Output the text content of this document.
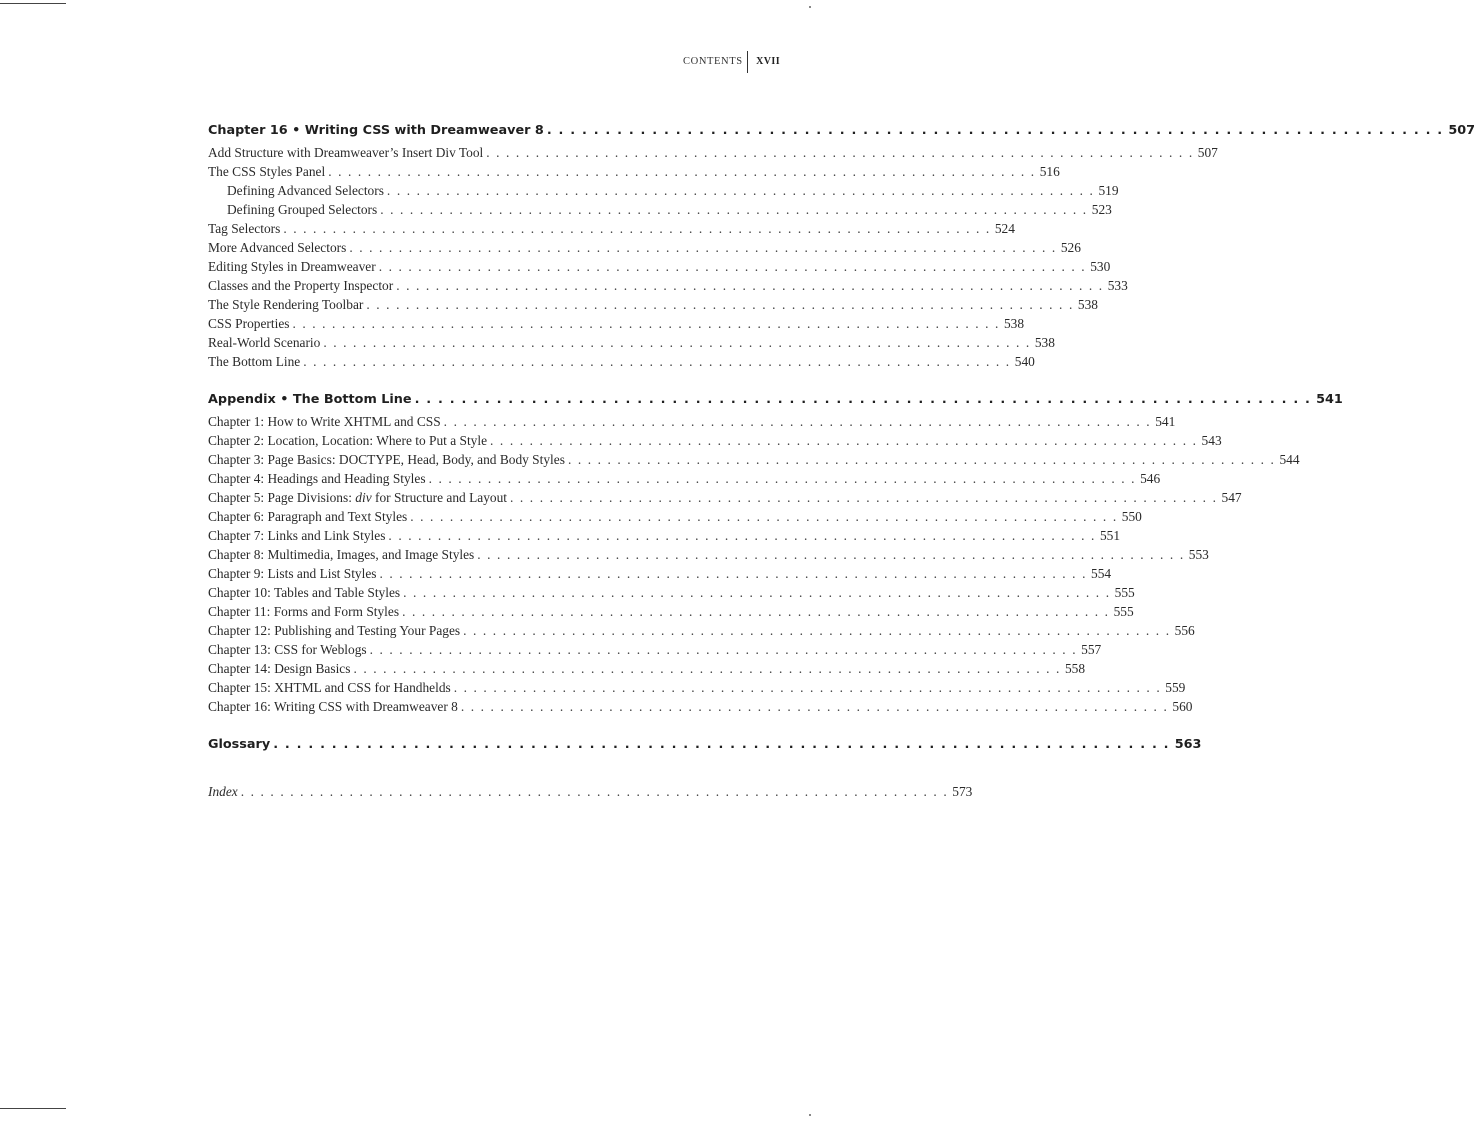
CONTENTS	XVII
Chapter 16 • Writing CSS with Dreamweaver 8 . . . . . . . . . . . . . . . . . . . . . . . . . . . . . . . . . . . . . . . . . . . . . . . . . . . . . . . . . . . . . . . . . . . . . . . . . . . . . 507
Add Structure with Dreamweaver’s Insert Div Tool . . . . . . . . . . . . . . . . . . . . . . . . . . . . . . . . . . . . . . . . . . . . . . . . . . . . . . . . . . . . . . . . . . . . . . . . 507
The CSS Styles Panel . . . . . . . . . . . . . . . . . . . . . . . . . . . . . . . . . . . . . . . . . . . . . . . . . . . . . . . . . . . . . . . . . . . . . . . . 516
Defining Advanced Selectors . . . . . . . . . . . . . . . . . . . . . . . . . . . . . . . . . . . . . . . . . . . . . . . . . . . . . . . . . . . . . . . . . . . . . . . . 519
Defining Grouped Selectors . . . . . . . . . . . . . . . . . . . . . . . . . . . . . . . . . . . . . . . . . . . . . . . . . . . . . . . . . . . . . . . . . . . . . . . . 523
Tag Selectors . . . . . . . . . . . . . . . . . . . . . . . . . . . . . . . . . . . . . . . . . . . . . . . . . . . . . . . . . . . . . . . . . . . . . . . . 524
More Advanced Selectors . . . . . . . . . . . . . . . . . . . . . . . . . . . . . . . . . . . . . . . . . . . . . . . . . . . . . . . . . . . . . . . . . . . . . . . . 526
Editing Styles in Dreamweaver . . . . . . . . . . . . . . . . . . . . . . . . . . . . . . . . . . . . . . . . . . . . . . . . . . . . . . . . . . . . . . . . . . . . . . . . 530
Classes and the Property Inspector . . . . . . . . . . . . . . . . . . . . . . . . . . . . . . . . . . . . . . . . . . . . . . . . . . . . . . . . . . . . . . . . . . . . . . . . 533
The Style Rendering Toolbar . . . . . . . . . . . . . . . . . . . . . . . . . . . . . . . . . . . . . . . . . . . . . . . . . . . . . . . . . . . . . . . . . . . . . . . . 538
CSS Properties . . . . . . . . . . . . . . . . . . . . . . . . . . . . . . . . . . . . . . . . . . . . . . . . . . . . . . . . . . . . . . . . . . . . . . . . 538
Real-World Scenario . . . . . . . . . . . . . . . . . . . . . . . . . . . . . . . . . . . . . . . . . . . . . . . . . . . . . . . . . . . . . . . . . . . . . . . . 538
The Bottom Line . . . . . . . . . . . . . . . . . . . . . . . . . . . . . . . . . . . . . . . . . . . . . . . . . . . . . . . . . . . . . . . . . . . . . . . . 540
Appendix • The Bottom Line . . . . . . . . . . . . . . . . . . . . . . . . . . . . . . . . . . . . . . . . . . . . . . . . . . . . . . . . . . . . . . . . . . . . . . . . . . . . . 541
Chapter 1: How to Write XHTML and CSS . . . . . . . . . . . . . . . . . . . . . . . . . . . . . . . . . . . . . . . . . . . . . . . . . . . . . . . . . . . . . . . . . . . . . . . . 541
Chapter 2: Location, Location: Where to Put a Style . . . . . . . . . . . . . . . . . . . . . . . . . . . . . . . . . . . . . . . . . . . . . . . . . . . . . . . . . . . . . . . . . . . . . . . . 543
Chapter 3: Page Basics: DOCTYPE, Head, Body, and Body Styles . . . . . . . . . . . . . . . . . . . . . . . . . . . . . . . . . . . . . . . . . . . . . . . . . . . . . . . . . . . . . . . . . . . . . . . . 544
Chapter 4: Headings and Heading Styles . . . . . . . . . . . . . . . . . . . . . . . . . . . . . . . . . . . . . . . . . . . . . . . . . . . . . . . . . . . . . . . . . . . . . . . . 546
Chapter 5: Page Divisions: div for Structure and Layout . . . . . . . . . . . . . . . . . . . . . . . . . . . . . . . . . . . . . . . . . . . . . . . . . . . . . . . . . . . . . . . . . . . . . . . . 547
Chapter 6: Paragraph and Text Styles . . . . . . . . . . . . . . . . . . . . . . . . . . . . . . . . . . . . . . . . . . . . . . . . . . . . . . . . . . . . . . . . . . . . . . . . 550
Chapter 7: Links and Link Styles . . . . . . . . . . . . . . . . . . . . . . . . . . . . . . . . . . . . . . . . . . . . . . . . . . . . . . . . . . . . . . . . . . . . . . . . 551
Chapter 8: Multimedia, Images, and Image Styles . . . . . . . . . . . . . . . . . . . . . . . . . . . . . . . . . . . . . . . . . . . . . . . . . . . . . . . . . . . . . . . . . . . . . . . . 553
Chapter 9: Lists and List Styles . . . . . . . . . . . . . . . . . . . . . . . . . . . . . . . . . . . . . . . . . . . . . . . . . . . . . . . . . . . . . . . . . . . . . . . . 554
Chapter 10: Tables and Table Styles . . . . . . . . . . . . . . . . . . . . . . . . . . . . . . . . . . . . . . . . . . . . . . . . . . . . . . . . . . . . . . . . . . . . . . . . 555
Chapter 11: Forms and Form Styles . . . . . . . . . . . . . . . . . . . . . . . . . . . . . . . . . . . . . . . . . . . . . . . . . . . . . . . . . . . . . . . . . . . . . . . . 555
Chapter 12: Publishing and Testing Your Pages . . . . . . . . . . . . . . . . . . . . . . . . . . . . . . . . . . . . . . . . . . . . . . . . . . . . . . . . . . . . . . . . . . . . . . . . 556
Chapter 13: CSS for Weblogs . . . . . . . . . . . . . . . . . . . . . . . . . . . . . . . . . . . . . . . . . . . . . . . . . . . . . . . . . . . . . . . . . . . . . . . . 557
Chapter 14: Design Basics . . . . . . . . . . . . . . . . . . . . . . . . . . . . . . . . . . . . . . . . . . . . . . . . . . . . . . . . . . . . . . . . . . . . . . . . 558
Chapter 15: XHTML and CSS for Handhelds . . . . . . . . . . . . . . . . . . . . . . . . . . . . . . . . . . . . . . . . . . . . . . . . . . . . . . . . . . . . . . . . . . . . . . . . 559
Chapter 16: Writing CSS with Dreamweaver 8 . . . . . . . . . . . . . . . . . . . . . . . . . . . . . . . . . . . . . . . . . . . . . . . . . . . . . . . . . . . . . . . . . . . . . . . . 560
Glossary . . . . . . . . . . . . . . . . . . . . . . . . . . . . . . . . . . . . . . . . . . . . . . . . . . . . . . . . . . . . . . . . . . . . . . . . . . . . . 563
Index . . . . . . . . . . . . . . . . . . . . . . . . . . . . . . . . . . . . . . . . . . . . . . . . . . . . . . . . . . . . . . . . . . . . . . . . 573
